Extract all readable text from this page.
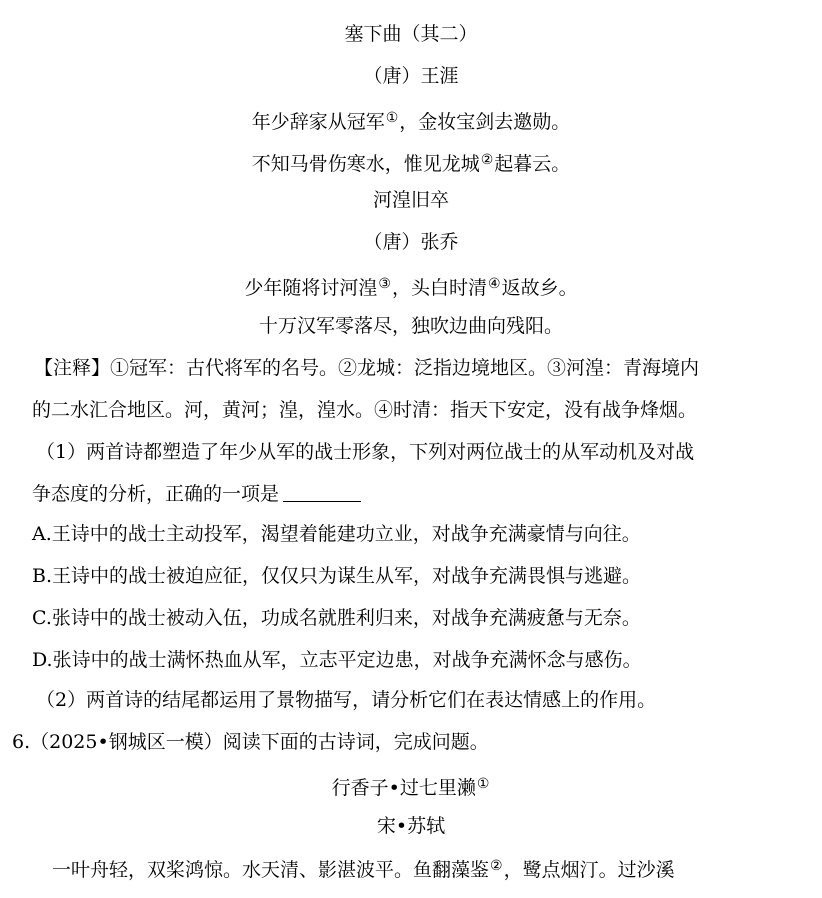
塞下曲（其二）
（唐）王涯
年少辞家从冠军①，金妆宝剑去邀勋。
不知马骨伤寒水，惟见龙城②起暮云。
河湟旧卒
（唐）张乔
少年随将讨河湟③，头白时清④返故乡。
十万汉军零落尽，独吹边曲向残阳。
【注释】①冠军：古代将军的名号。②龙城：泛指边境地区。③河湟：青海境内
的二水汇合地区。河，黄河；湟，湟水。④时清：指天下安定，没有战争烽烟。
（1）两首诗都塑造了年少从军的战士形象，下列对两位战士的从军动机及对战
争态度的分析，正确的一项是
A.王诗中的战士主动投军，渴望着能建功立业，对战争充满豪情与向往。
B.王诗中的战士被迫应征，仅仅只为谋生从军，对战争充满畏惧与逃避。
C.张诗中的战士被动入伍，功成名就胜利归来，对战争充满疲惫与无奈。
D.张诗中的战士满怀热血从军，立志平定边患，对战争充满怀念与感伤。
（2）两首诗的结尾都运用了景物描写，请分析它们在表达情感上的作用。
6.（2025•钢城区一模）阅读下面的古诗词，完成问题。
行香子•过七里濑①
宋•苏轼
一叶舟轻，双桨鸿惊。水天清、影湛波平。鱼翻藻鉴②，鹭点烟汀。过沙溪
